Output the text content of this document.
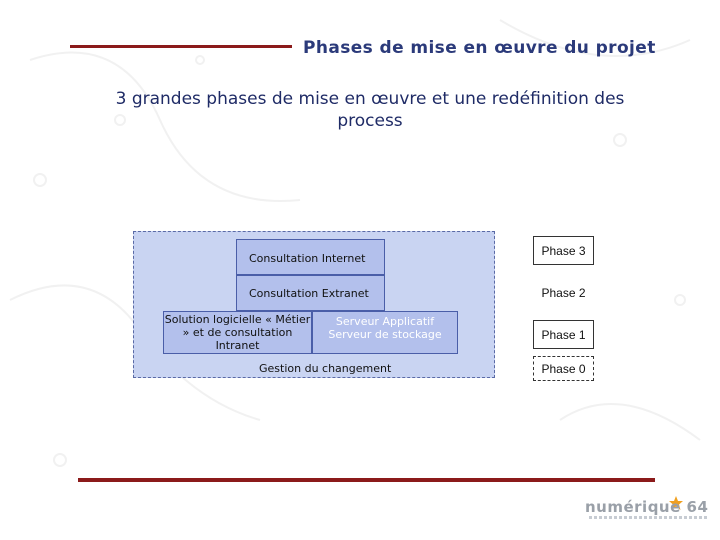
Phases de mise en œuvre du projet
3 grandes phases de mise en œuvre et une redéfinition des process
Consultation Internet
Consultation Extranet
Solution logicielle « Métier » et de consultation Intranet
Serveur Applicatif Serveur de stockage
Gestion du changement
Phase 3
Phase 2
Phase 1
Phase 0
numérique 64
